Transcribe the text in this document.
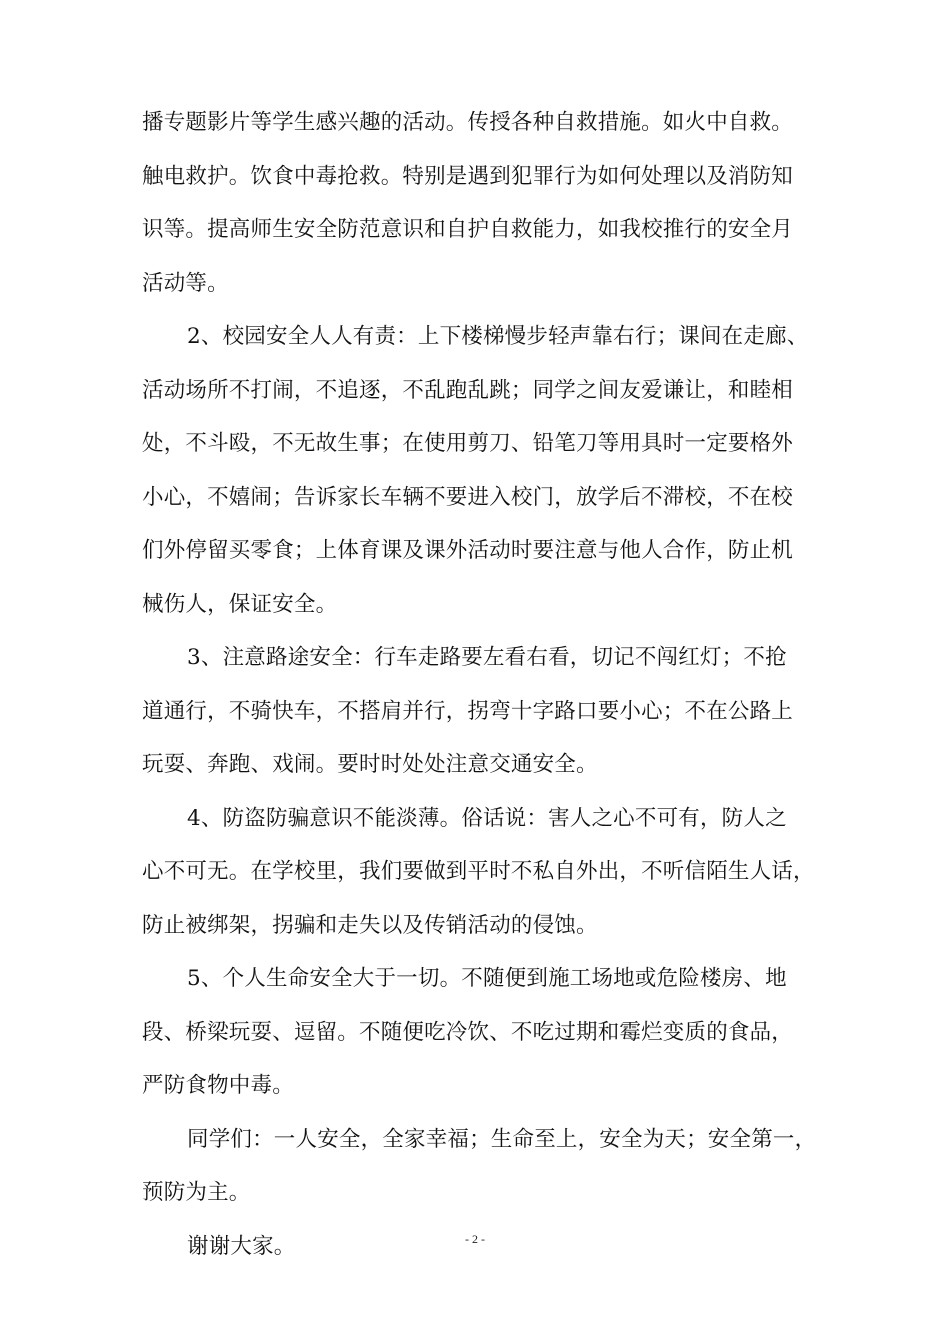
播专题影片等学生感兴趣的活动。传授各种自救措施。如火中自救。
触电救护。饮食中毒抢救。特别是遇到犯罪行为如何处理以及消防知
识等。提高师生安全防范意识和自护自救能力，如我校推行的安全月
活动等。
2、校园安全人人有责：上下楼梯慢步轻声靠右行；课间在走廊、
活动场所不打闹，不追逐，不乱跑乱跳；同学之间友爱谦让，和睦相
处，不斗殴，不无故生事；在使用剪刀、铅笔刀等用具时一定要格外
小心，不嬉闹；告诉家长车辆不要进入校门，放学后不滞校，不在校
们外停留买零食；上体育课及课外活动时要注意与他人合作，防止机
械伤人，保证安全。
3、注意路途安全：行车走路要左看右看，切记不闯红灯；不抢
道通行，不骑快车，不搭肩并行，拐弯十字路口要小心；不在公路上
玩耍、奔跑、戏闹。要时时处处注意交通安全。
4、防盗防骗意识不能淡薄。俗话说：害人之心不可有，防人之
心不可无。在学校里，我们要做到平时不私自外出，不听信陌生人话，
防止被绑架，拐骗和走失以及传销活动的侵蚀。
5、个人生命安全大于一切。不随便到施工场地或危险楼房、地
段、桥梁玩耍、逗留。不随便吃冷饮、不吃过期和霉烂变质的食品，
严防食物中毒。
同学们：一人安全，全家幸福；生命至上，安全为天；安全第一，
预防为主。
谢谢大家。	- 2 -
